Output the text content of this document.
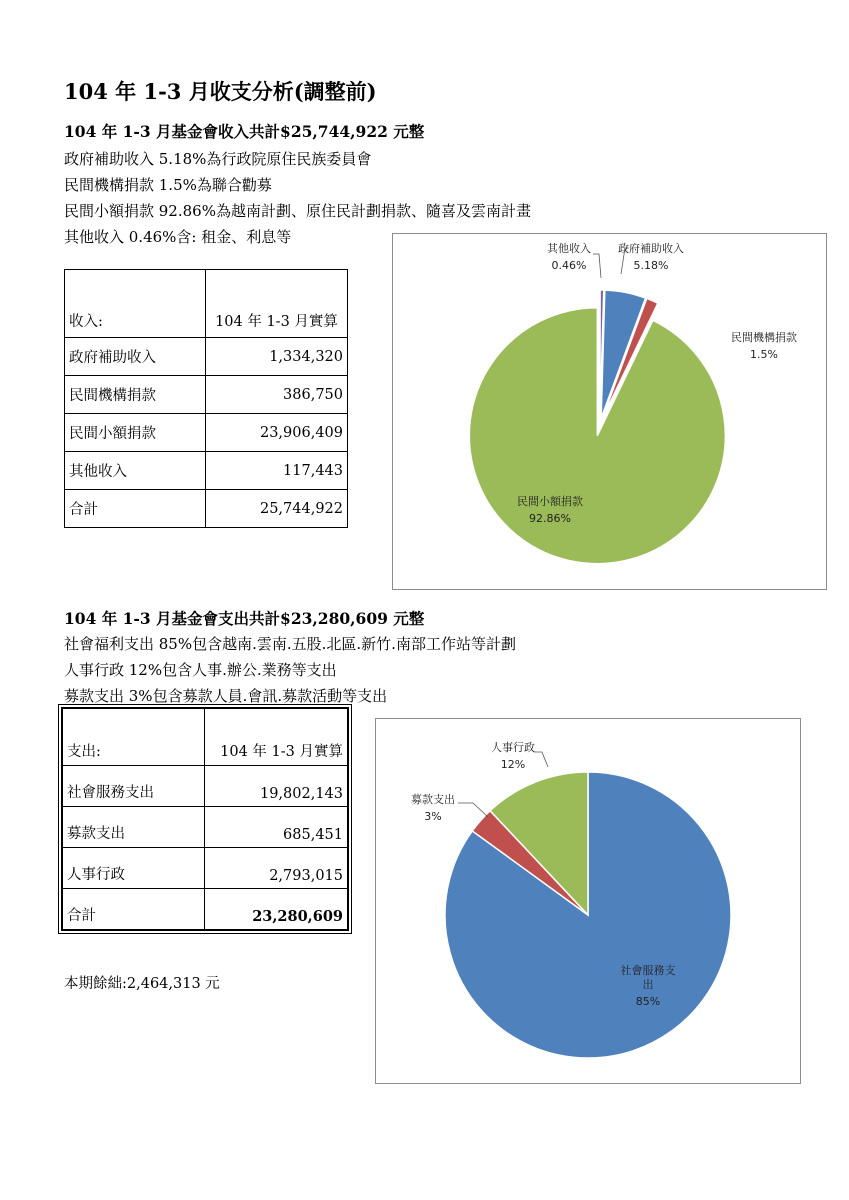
104 年 1-3 月收支分析(調整前)
104 年 1-3 月基金會收入共計$25,744,922 元整
政府補助收入 5.18%為行政院原住民族委員會
民間機構捐款 1.5%為聯合勸募
民間小額捐款 92.86%為越南計劃、原住民計劃捐款、隨喜及雲南計畫
其他收入 0.46%含: 租金、利息等
收入:	104 年 1-3 月實算
政府補助收入	1,334,320
民間機構捐款	386,750
民間小額捐款	23,906,409
其他收入	117,443
合計	25,744,922
其他收入
0.46%
政府補助收入
5.18%
民間機構捐款
1.5%
民間小額捐款
92.86%
104 年 1-3 月基金會支出共計$23,280,609 元整
社會福利支出 85%包含越南.雲南.五股.北區.新竹.南部工作站等計劃
人事行政 12%包含人事.辦公.業務等支出
募款支出 3%包含募款人員.會訊.募款活動等支出
支出:	104 年 1-3 月實算
社會服務支出	19,802,143
募款支出	685,451
人事行政	2,793,015
合計	23,280,609
社會服務支
出
85%
募款支出
3%
人事行政
12%
本期餘絀:2,464,313 元
